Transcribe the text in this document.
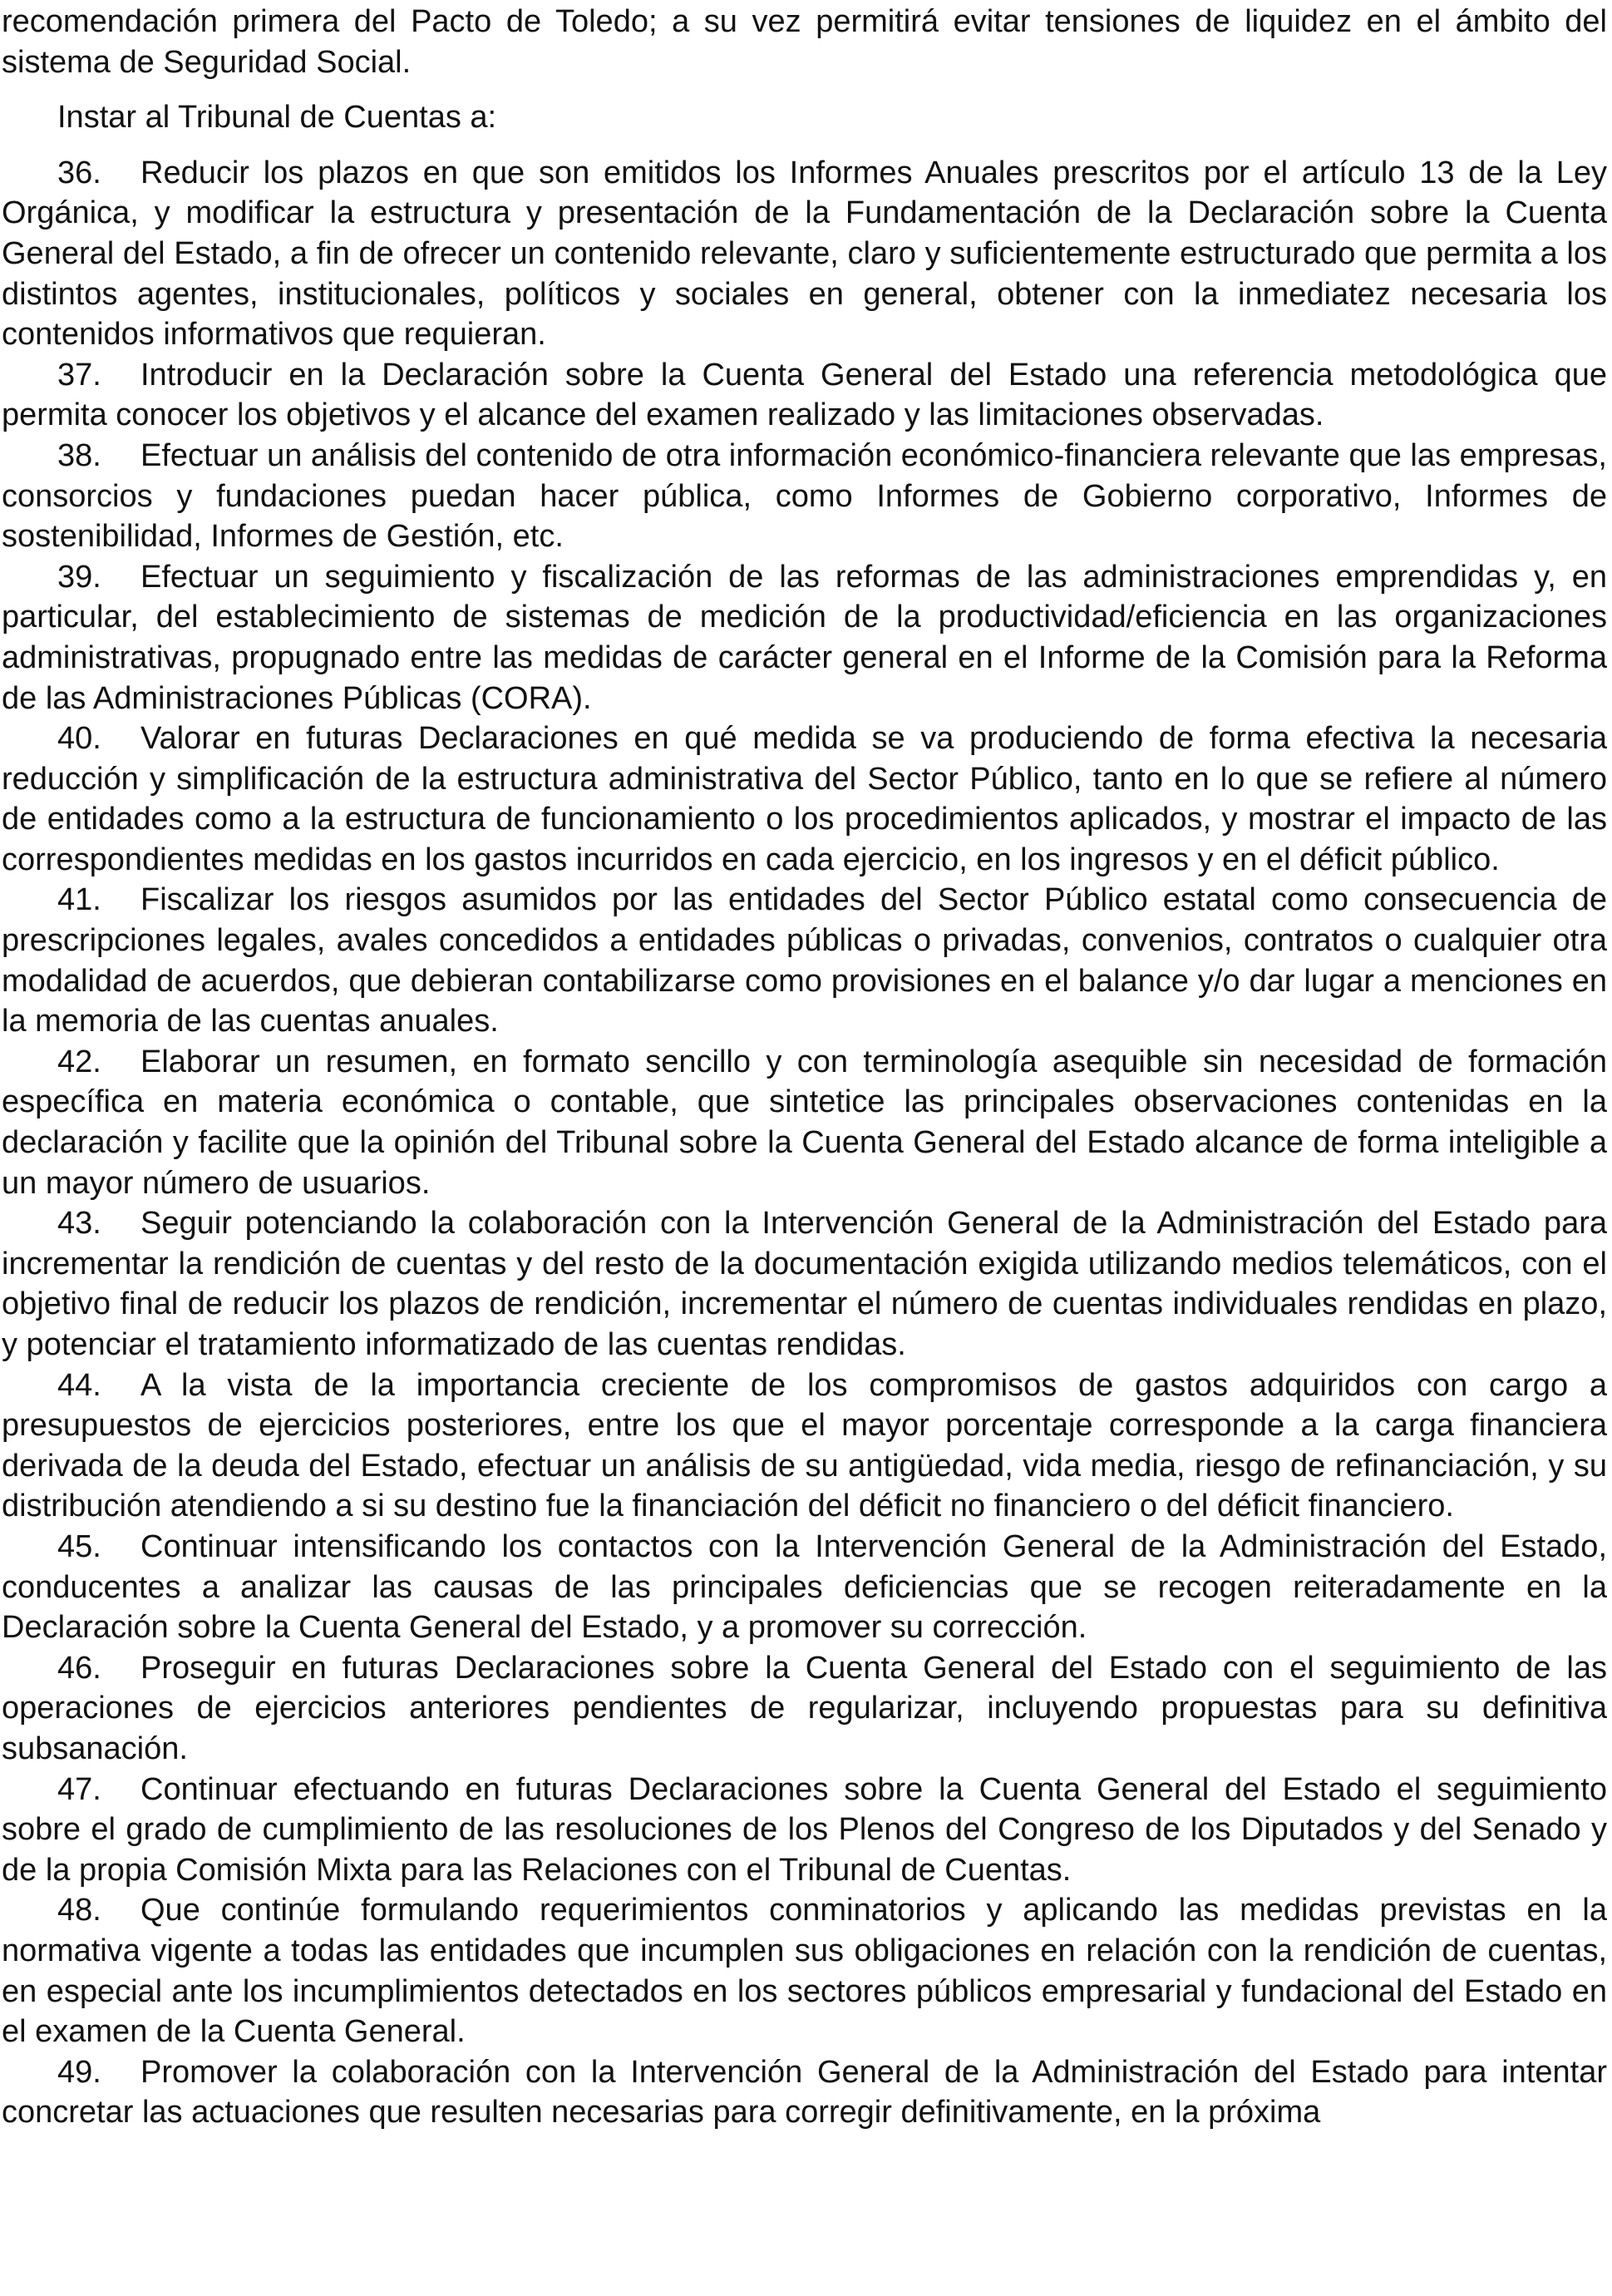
recomendación primera del Pacto de Toledo; a su vez permitirá evitar tensiones de liquidez en el ámbito del sistema de Seguridad Social.

Instar al Tribunal de Cuentas a:

36. Reducir los plazos en que son emitidos los Informes Anuales prescritos por el artículo 13 de la Ley Orgánica, y modificar la estructura y presentación de la Fundamentación de la Declaración sobre la Cuenta General del Estado, a fin de ofrecer un contenido relevante, claro y suficientemente estructurado que permita a los distintos agentes, institucionales, políticos y sociales en general, obtener con la inmediatez necesaria los contenidos informativos que requieran.

37. Introducir en la Declaración sobre la Cuenta General del Estado una referencia metodológica que permita conocer los objetivos y el alcance del examen realizado y las limitaciones observadas.

38. Efectuar un análisis del contenido de otra información económico-financiera relevante que las empresas, consorcios y fundaciones puedan hacer pública, como Informes de Gobierno corporativo, Informes de sostenibilidad, Informes de Gestión, etc.

39. Efectuar un seguimiento y fiscalización de las reformas de las administraciones emprendidas y, en particular, del establecimiento de sistemas de medición de la productividad/eficiencia en las organizaciones administrativas, propugnado entre las medidas de carácter general en el Informe de la Comisión para la Reforma de las Administraciones Públicas (CORA).

40. Valorar en futuras Declaraciones en qué medida se va produciendo de forma efectiva la necesaria reducción y simplificación de la estructura administrativa del Sector Público, tanto en lo que se refiere al número de entidades como a la estructura de funcionamiento o los procedimientos aplicados, y mostrar el impacto de las correspondientes medidas en los gastos incurridos en cada ejercicio, en los ingresos y en el déficit público.

41. Fiscalizar los riesgos asumidos por las entidades del Sector Público estatal como consecuencia de prescripciones legales, avales concedidos a entidades públicas o privadas, convenios, contratos o cualquier otra modalidad de acuerdos, que debieran contabilizarse como provisiones en el balance y/o dar lugar a menciones en la memoria de las cuentas anuales.

42. Elaborar un resumen, en formato sencillo y con terminología asequible sin necesidad de formación específica en materia económica o contable, que sintetice las principales observaciones contenidas en la declaración y facilite que la opinión del Tribunal sobre la Cuenta General del Estado alcance de forma inteligible a un mayor número de usuarios.

43. Seguir potenciando la colaboración con la Intervención General de la Administración del Estado para incrementar la rendición de cuentas y del resto de la documentación exigida utilizando medios telemáticos, con el objetivo final de reducir los plazos de rendición, incrementar el número de cuentas individuales rendidas en plazo, y potenciar el tratamiento informatizado de las cuentas rendidas.

44. A la vista de la importancia creciente de los compromisos de gastos adquiridos con cargo a presupuestos de ejercicios posteriores, entre los que el mayor porcentaje corresponde a la carga financiera derivada de la deuda del Estado, efectuar un análisis de su antigüedad, vida media, riesgo de refinanciación, y su distribución atendiendo a si su destino fue la financiación del déficit no financiero o del déficit financiero.

45. Continuar intensificando los contactos con la Intervención General de la Administración del Estado, conducentes a analizar las causas de las principales deficiencias que se recogen reiteradamente en la Declaración sobre la Cuenta General del Estado, y a promover su corrección.

46. Proseguir en futuras Declaraciones sobre la Cuenta General del Estado con el seguimiento de las operaciones de ejercicios anteriores pendientes de regularizar, incluyendo propuestas para su definitiva subsanación.

47. Continuar efectuando en futuras Declaraciones sobre la Cuenta General del Estado el seguimiento sobre el grado de cumplimiento de las resoluciones de los Plenos del Congreso de los Diputados y del Senado y de la propia Comisión Mixta para las Relaciones con el Tribunal de Cuentas.

48. Que continúe formulando requerimientos conminatorios y aplicando las medidas previstas en la normativa vigente a todas las entidades que incumplen sus obligaciones en relación con la rendición de cuentas, en especial ante los incumplimientos detectados en los sectores públicos empresarial y fundacional del Estado en el examen de la Cuenta General.

49. Promover la colaboración con la Intervención General de la Administración del Estado para intentar concretar las actuaciones que resulten necesarias para corregir definitivamente, en la próxima
